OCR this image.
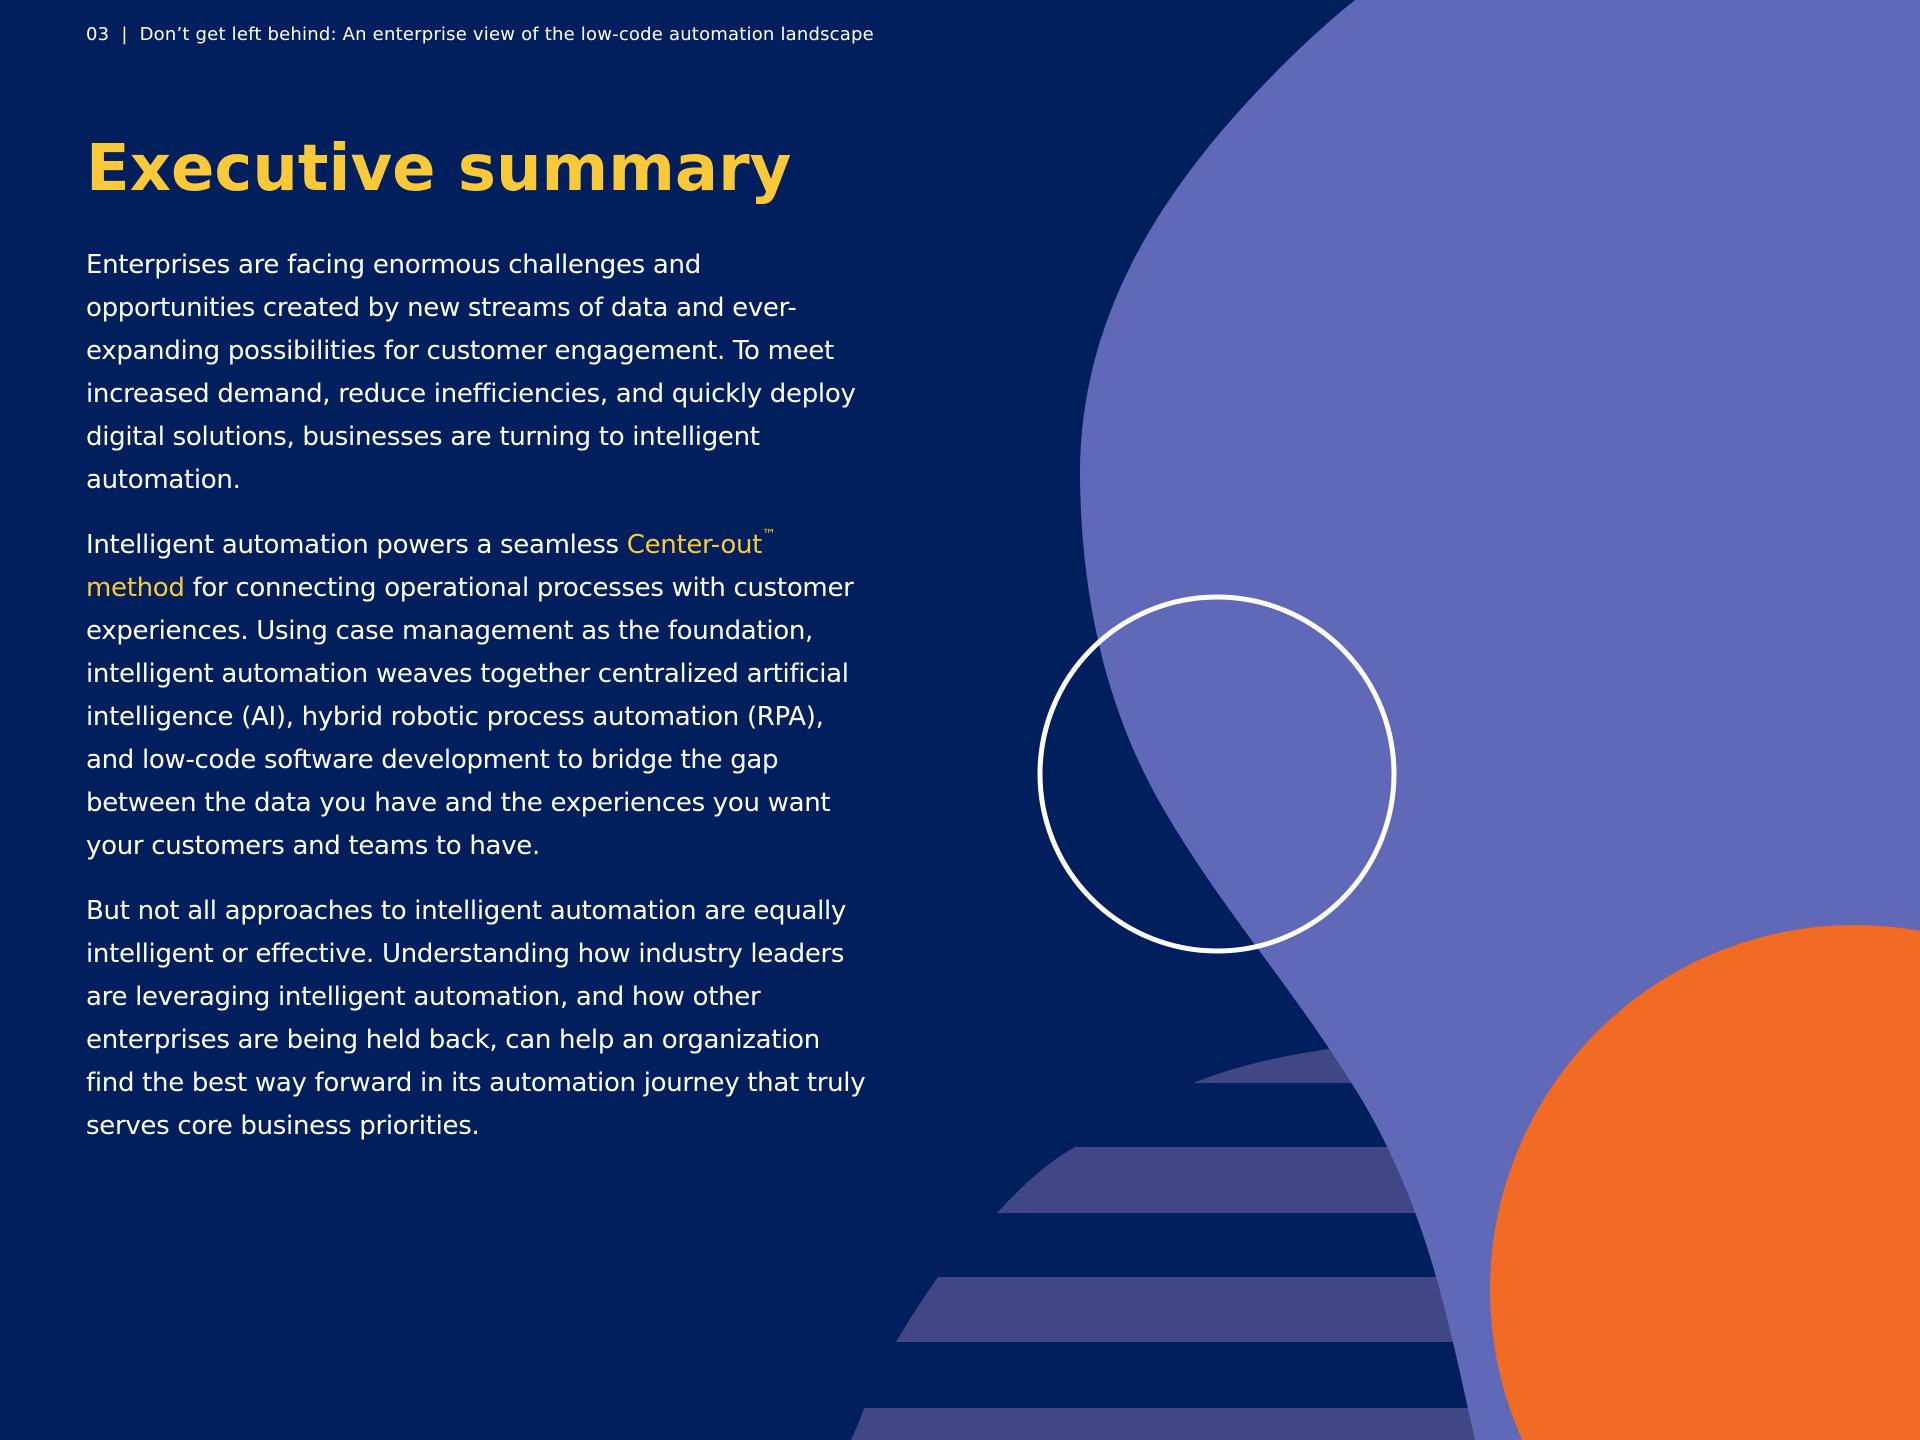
03 | Don’t get left behind: An enterprise view of the low-code automation landscape
Executive summary

Enterprises are facing enormous challenges and opportunities created by new streams of data and ever-expanding possibilities for customer engagement. To meet increased demand, reduce inefficiencies, and quickly deploy digital solutions, businesses are turning to intelligent automation.

Intelligent automation powers a seamless Center-out™
method for connecting operational processes with customer experiences. Using case management as the foundation, intelligent automation weaves together centralized artificial intelligence (AI), hybrid robotic process automation (RPA), and low-code software development to bridge the gap between the data you have and the experiences you want your customers and teams to have.

But not all approaches to intelligent automation are equally intelligent or effective. Understanding how industry leaders are leveraging intelligent automation, and how other enterprises are being held back, can help an organization find the best way forward in its automation journey that truly serves core business priorities.
